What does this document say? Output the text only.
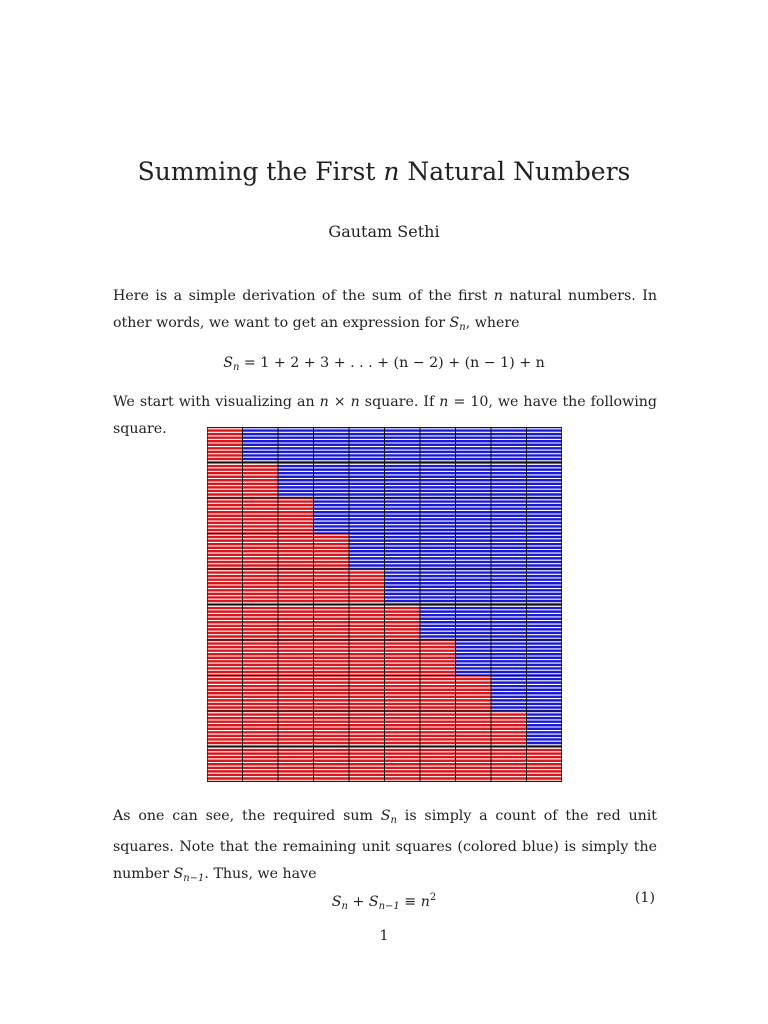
Summing the First n Natural Numbers
Gautam Sethi

Here is a simple derivation of the sum of the first n natural numbers. In other words, we want to get an expression for $S_n$, where

$S_n = 1 + 2 + 3$ + . . . + (n − 2) + (n − 1) + n

We start with visualizing an n × n square. If n = 10, we have the following square.

As one can see, the required sum $S_n$ is simply a count of the red unit squares. Note that the remaining unit squares (colored blue) is simply the number $S_{n-1}$. Thus, we have

$S_n + S_{n-1} \equiv n^2$	(1)
1
